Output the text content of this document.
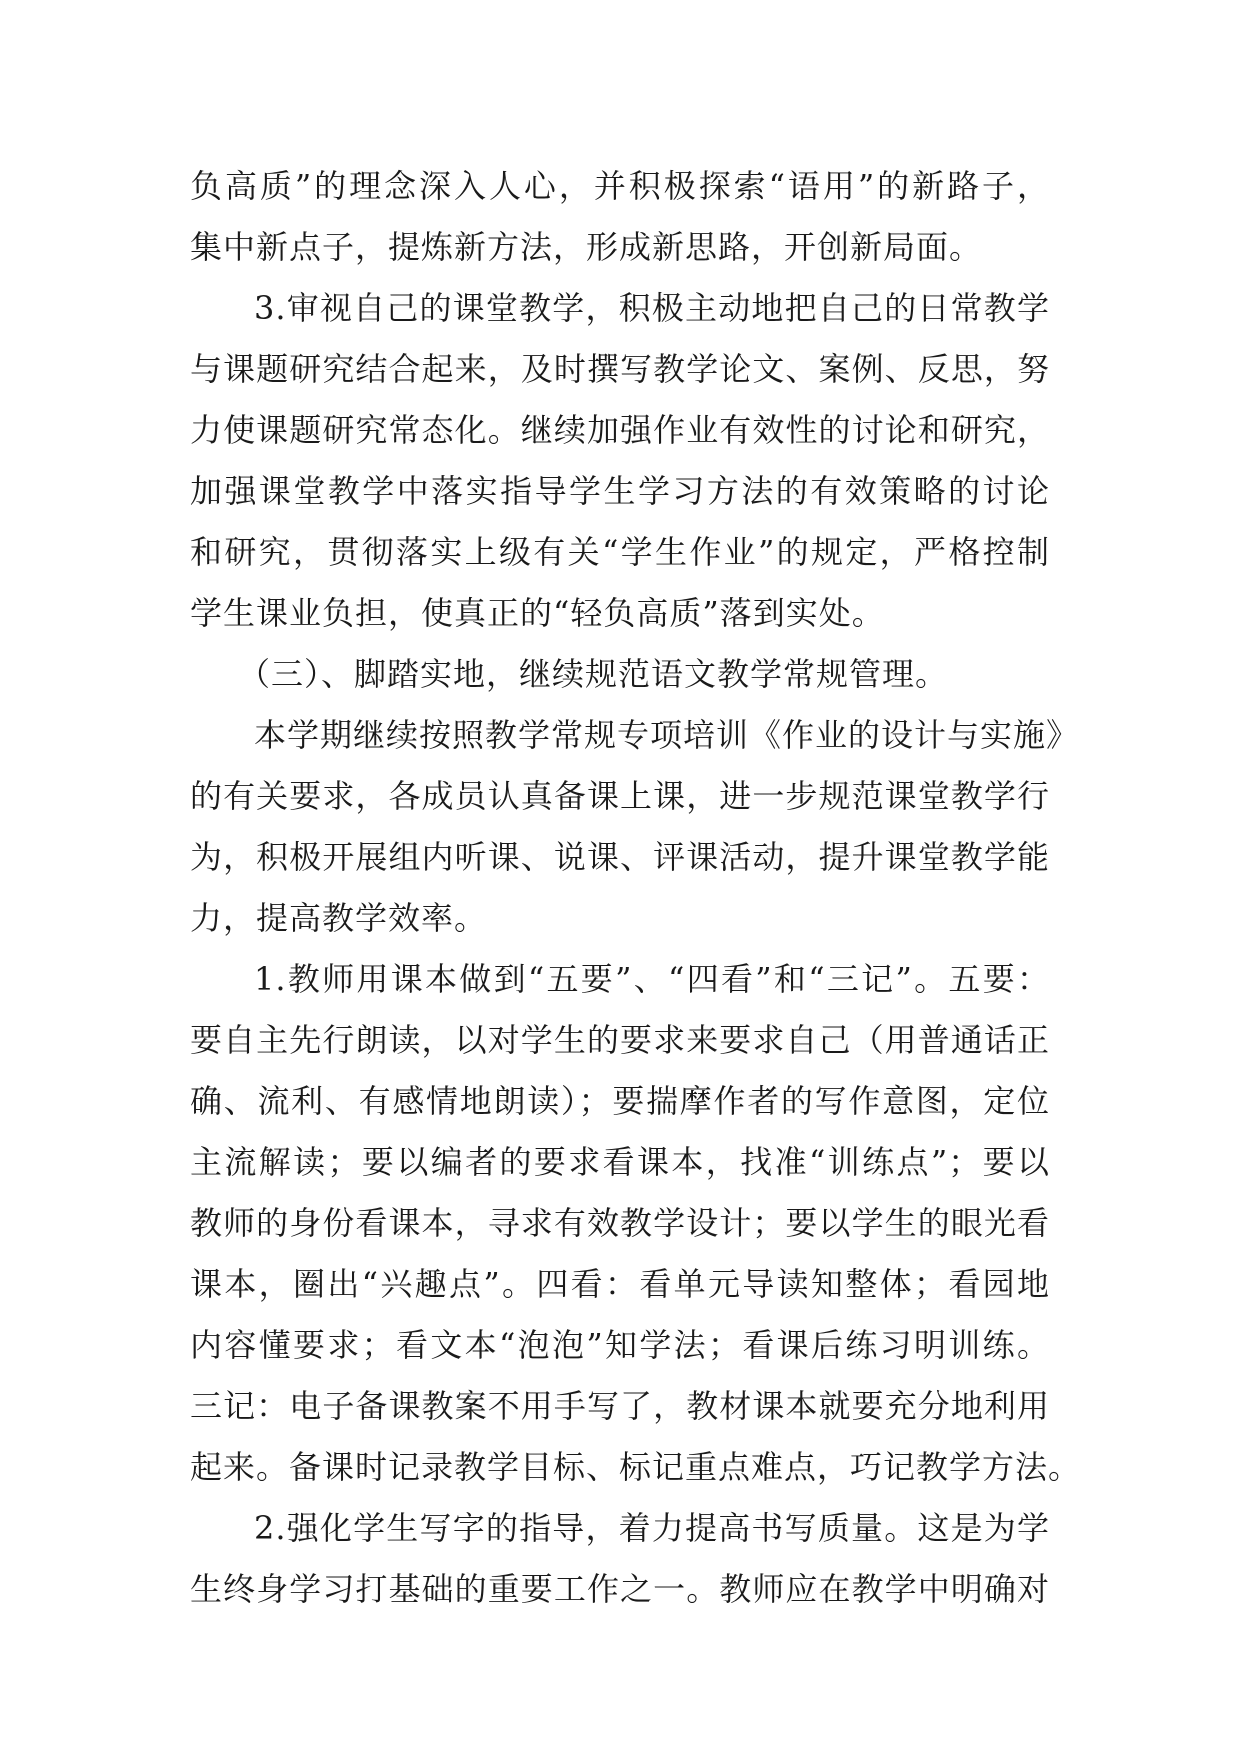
负高质”的理念深入人心，并积极探索“语用”的新路子，
集中新点子，提炼新方法，形成新思路，开创新局面。
3.审视自己的课堂教学，积极主动地把自己的日常教学
与课题研究结合起来，及时撰写教学论文、案例、反思，努
力使课题研究常态化。继续加强作业有效性的讨论和研究，
加强课堂教学中落实指导学生学习方法的有效策略的讨论
和研究，贯彻落实上级有关“学生作业”的规定，严格控制
学生课业负担，使真正的“轻负高质”落到实处。
（三）、脚踏实地，继续规范语文教学常规管理。
本学期继续按照教学常规专项培训《作业的设计与实施》
的有关要求，各成员认真备课上课，进一步规范课堂教学行
为，积极开展组内听课、说课、评课活动，提升课堂教学能
力，提高教学效率。
1.教师用课本做到“五要”、“四看”和“三记”。五要：
要自主先行朗读，以对学生的要求来要求自己（用普通话正
确、流利、有感情地朗读）；要揣摩作者的写作意图，定位
主流解读；要以编者的要求看课本，找准“训练点”；要以
教师的身份看课本，寻求有效教学设计；要以学生的眼光看
课本，圈出“兴趣点”。四看：看单元导读知整体；看园地
内容懂要求；看文本“泡泡”知学法；看课后练习明训练。
三记：电子备课教案不用手写了，教材课本就要充分地利用
起来。备课时记录教学目标、标记重点难点，巧记教学方法。
2.强化学生写字的指导，着力提高书写质量。这是为学
生终身学习打基础的重要工作之一。教师应在教学中明确对
